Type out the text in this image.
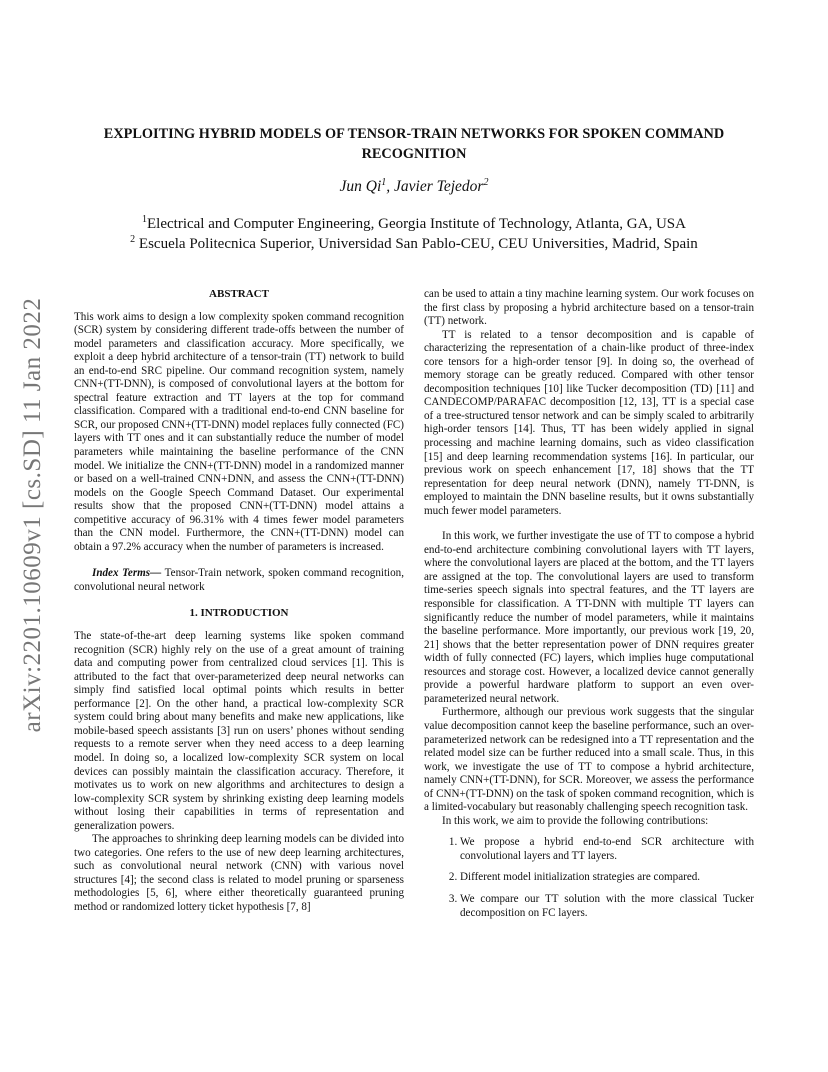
arXiv:2201.10609v1 [cs.SD] 11 Jan 2022
EXPLOITING HYBRID MODELS OF TENSOR-TRAIN NETWORKS FOR SPOKEN COMMAND RECOGNITION
Jun Qi$^1$, Javier Tejedor$^2$
$^1$Electrical and Computer Engineering, Georgia Institute of Technology, Atlanta, GA, USA
$^2$ Escuela Politecnica Superior, Universidad San Pablo-CEU, CEU Universities, Madrid, Spain
ABSTRACT

This work aims to design a low complexity spoken command recognition (SCR) system by considering different trade-offs between the number of model parameters and classification accuracy. More specifically, we exploit a deep hybrid architecture of a tensor-train (TT) network to build an end-to-end SRC pipeline. Our command recognition system, namely CNN+(TT-DNN), is composed of convolutional layers at the bottom for spectral feature extraction and TT layers at the top for command classification. Compared with a traditional end-to-end CNN baseline for SCR, our proposed CNN+(TT-DNN) model replaces fully connected (FC) layers with TT ones and it can substantially reduce the number of model parameters while maintaining the baseline performance of the CNN model. We initialize the CNN+(TT-DNN) model in a randomized manner or based on a well-trained CNN+DNN, and assess the CNN+(TT-DNN) models on the Google Speech Command Dataset. Our experimental results show that the proposed CNN+(TT-DNN) model attains a competitive accuracy of 96.31% with 4 times fewer model parameters than the CNN model. Furthermore, the CNN+(TT-DNN) model can obtain a 97.2% accuracy when the number of parameters is increased.

Index Terms— Tensor-Train network, spoken command recognition, convolutional neural network

1. INTRODUCTION

The state-of-the-art deep learning systems like spoken command recognition (SCR) highly rely on the use of a great amount of training data and computing power from centralized cloud services [1]. This is attributed to the fact that over-parameterized deep neural networks can simply find satisfied local optimal points which results in better performance [2]. On the other hand, a practical low-complexity SCR system could bring about many benefits and make new applications, like mobile-based speech assistants [3] run on users’ phones without sending requests to a remote server when they need access to a deep learning model. In doing so, a localized low-complexity SCR system on local devices can possibly maintain the classification accuracy. Therefore, it motivates us to work on new algorithms and architectures to design a low-complexity SCR system by shrinking existing deep learning models without losing their capabilities in terms of representation and generalization powers.

The approaches to shrinking deep learning models can be divided into two categories. One refers to the use of new deep learning architectures, such as convolutional neural network (CNN) with various novel structures [4]; the second class is related to model pruning or sparseness methodologies [5, 6], where either theoretically guaranteed pruning method or randomized lottery ticket hypothesis [7, 8]

can be used to attain a tiny machine learning system. Our work focuses on the first class by proposing a hybrid architecture based on a tensor-train (TT) network.

TT is related to a tensor decomposition and is capable of characterizing the representation of a chain-like product of three-index core tensors for a high-order tensor [9]. In doing so, the overhead of memory storage can be greatly reduced. Compared with other tensor decomposition techniques [10] like Tucker decomposition (TD) [11] and CANDECOMP/PARAFAC decomposition [12, 13], TT is a special case of a tree-structured tensor network and can be simply scaled to arbitrarily high-order tensors [14]. Thus, TT has been widely applied in signal processing and machine learning domains, such as video classification [15] and deep learning recommendation systems [16]. In particular, our previous work on speech enhancement [17, 18] shows that the TT representation for deep neural network (DNN), namely TT-DNN, is employed to maintain the DNN baseline results, but it owns substantially much fewer model parameters.

In this work, we further investigate the use of TT to compose a hybrid end-to-end architecture combining convolutional layers with TT layers, where the convolutional layers are placed at the bottom, and the TT layers are assigned at the top. The convolutional layers are used to transform time-series speech signals into spectral features, and the TT layers are responsible for classification. A TT-DNN with multiple TT layers can significantly reduce the number of model parameters, while it maintains the baseline performance. More importantly, our previous work [19, 20, 21] shows that the better representation power of DNN requires greater width of fully connected (FC) layers, which implies huge computational resources and storage cost. However, a localized device cannot generally provide a powerful hardware platform to support an even over-parameterized neural network.

Furthermore, although our previous work suggests that the singular value decomposition cannot keep the baseline performance, such an over-parameterized network can be redesigned into a TT representation and the related model size can be further reduced into a small scale. Thus, in this work, we investigate the use of TT to compose a hybrid architecture, namely CNN+(TT-DNN), for SCR. Moreover, we assess the performance of CNN+(TT-DNN) on the task of spoken command recognition, which is a limited-vocabulary but reasonably challenging speech recognition task.

In this work, we aim to provide the following contributions:

1. We propose a hybrid end-to-end SCR architecture with convolutional layers and TT layers.
2. Different model initialization strategies are compared.
3. We compare our TT solution with the more classical Tucker decomposition on FC layers.
